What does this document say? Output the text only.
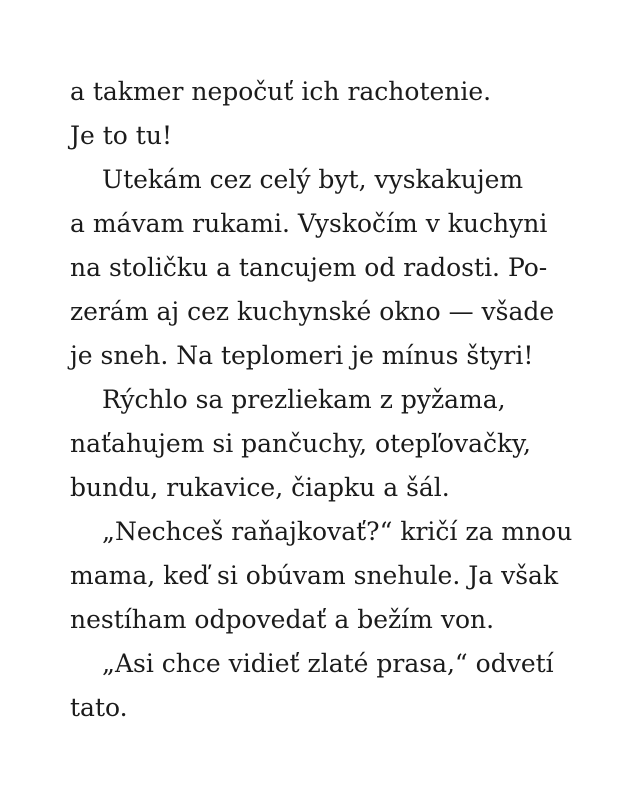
a takmer nepočuť ich rachotenie.
Je to tu!
Utekám cez celý byt, vyskakujem
a mávam rukami. Vyskočím v kuchyni
na stoličku a tancujem od radosti. Po-
zerám aj cez kuchynské okno — všade
je sneh. Na teplomeri je mínus štyri!
Rýchlo sa prezliekam z pyžama,
naťahujem si pančuchy, otepľovačky,
bundu, rukavice, čiapku a šál.
„Nechceš raňajkovať?“ kričí za mnou
mama, keď si obúvam snehule. Ja však
nestíham odpovedať a bežím von.
„Asi chce vidieť zlaté prasa,“ odvetí
tato.
